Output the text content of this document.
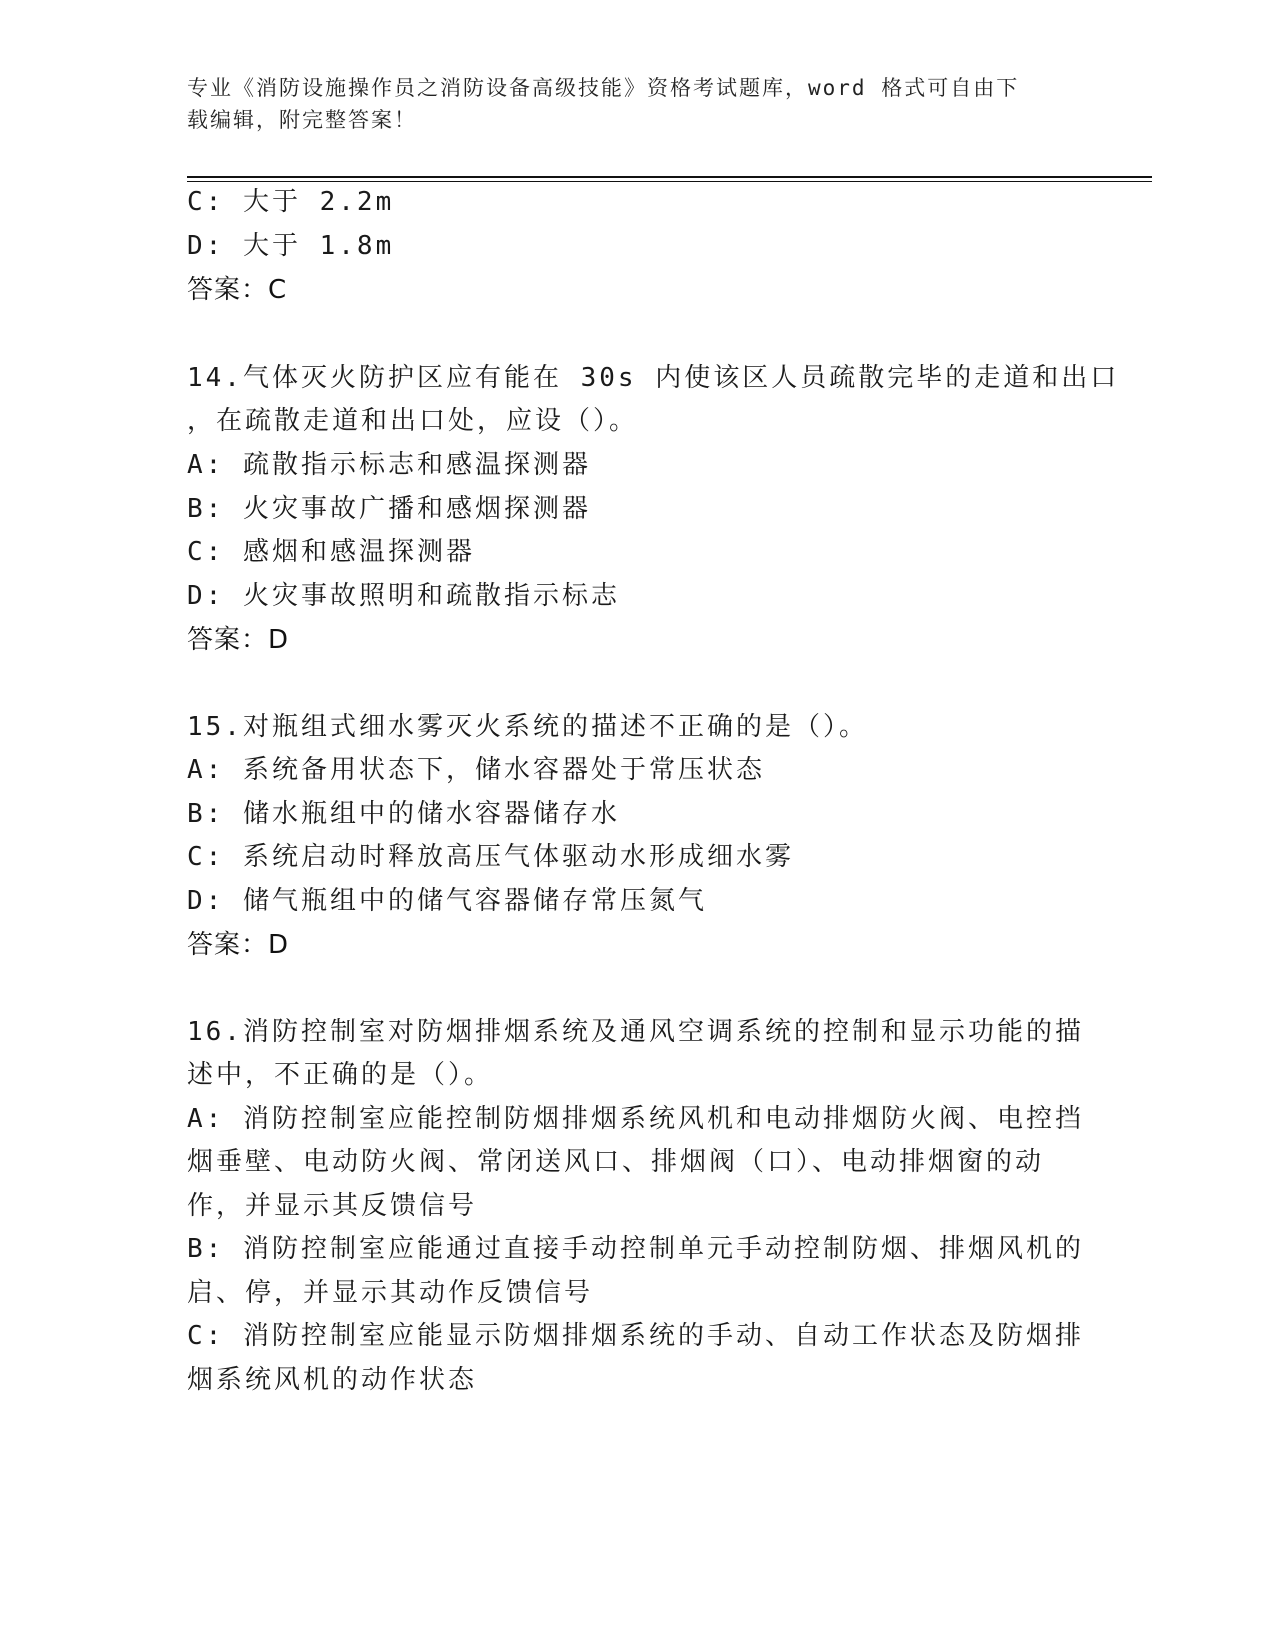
专业《消防设施操作员之消防设备高级技能》资格考试题库，word 格式可自由下
载编辑，附完整答案！
C: 大于 2.2m
D: 大于 1.8m
答案：C
14.气体灭火防护区应有能在 30s 内使该区人员疏散完毕的走道和出口
，在疏散走道和出口处，应设（）。
A: 疏散指示标志和感温探测器
B: 火灾事故广播和感烟探测器
C: 感烟和感温探测器
D: 火灾事故照明和疏散指示标志
答案：D
15.对瓶组式细水雾灭火系统的描述不正确的是（）。
A: 系统备用状态下，储水容器处于常压状态
B: 储水瓶组中的储水容器储存水
C: 系统启动时释放高压气体驱动水形成细水雾
D: 储气瓶组中的储气容器储存常压氮气
答案：D
16.消防控制室对防烟排烟系统及通风空调系统的控制和显示功能的描
述中，不正确的是（）。
A: 消防控制室应能控制防烟排烟系统风机和电动排烟防火阀、电控挡
烟垂壁、电动防火阀、常闭送风口、排烟阀（口）、电动排烟窗的动
作，并显示其反馈信号
B: 消防控制室应能通过直接手动控制单元手动控制防烟、排烟风机的
启、停，并显示其动作反馈信号
C: 消防控制室应能显示防烟排烟系统的手动、自动工作状态及防烟排
烟系统风机的动作状态
